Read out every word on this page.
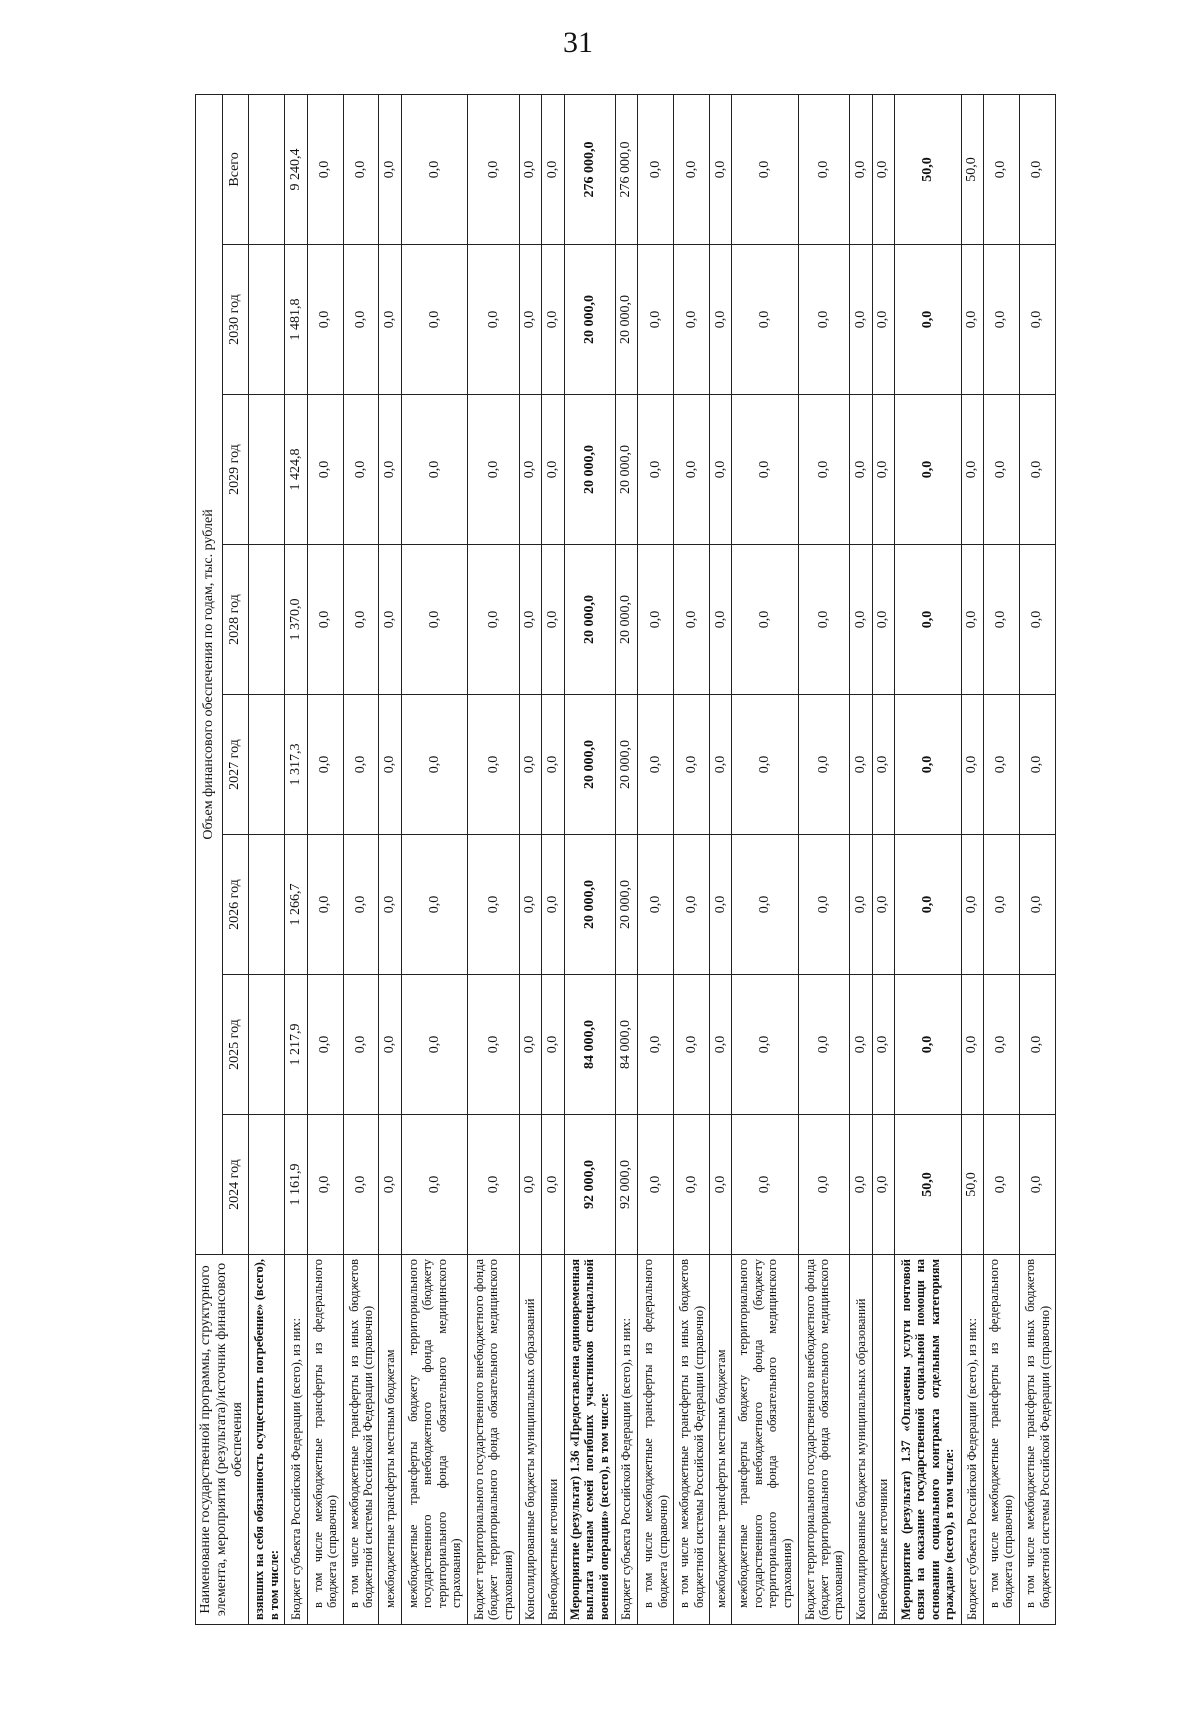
31
Наименование государственной программы, структурного элемента, мероприятия (результата)/источник финансового обеспечения	Объем финансового обеспечения по годам, тыс. рублей							
	2024 год	2025 год	2026 год	2027 год	2028 год	2029 год	2030 год	Всего
взявших на себя обязанность осуществить погребение» (всего), в том числе:								
Бюджет субъекта Российской Федерации (всего), из них:	1 161,9	1 217,9	1 266,7	1 317,3	1 370,0	1 424,8	1 481,8	9 240,4
в том числе межбюджетные трансферты из федерального бюджета (справочно)	0,0	0,0	0,0	0,0	0,0	0,0	0,0	0,0
в том числе межбюджетные трансферты из иных бюджетов бюджетной системы Российской Федерации (справочно)	0,0	0,0	0,0	0,0	0,0	0,0	0,0	0,0
межбюджетные трансферты местным бюджетам	0,0	0,0	0,0	0,0	0,0	0,0	0,0	0,0
межбюджетные трансферты бюджету территориального государственного внебюджетного фонда (бюджету территориального фонда обязательного медицинского страхования)	0,0	0,0	0,0	0,0	0,0	0,0	0,0	0,0
Бюджет территориального государственного внебюджетного фонда (бюджет территориального фонда обязательного медицинского страхования)	0,0	0,0	0,0	0,0	0,0	0,0	0,0	0,0
Консолидированные бюджеты муниципальных образований	0,0	0,0	0,0	0,0	0,0	0,0	0,0	0,0
Внебюджетные источники	0,0	0,0	0,0	0,0	0,0	0,0	0,0	0,0
Мероприятие (результат) 1.36 «Предоставлена единовременная выплата членам семей погибших участников специальной военной операции» (всего), в том числе:	92 000,0	84 000,0	20 000,0	20 000,0	20 000,0	20 000,0	20 000,0	276 000,0
Бюджет субъекта Российской Федерации (всего), из них:	92 000,0	84 000,0	20 000,0	20 000,0	20 000,0	20 000,0	20 000,0	276 000,0
в том числе межбюджетные трансферты из федерального бюджета (справочно)	0,0	0,0	0,0	0,0	0,0	0,0	0,0	0,0
в том числе межбюджетные трансферты из иных бюджетов бюджетной системы Российской Федерации (справочно)	0,0	0,0	0,0	0,0	0,0	0,0	0,0	0,0
межбюджетные трансферты местным бюджетам	0,0	0,0	0,0	0,0	0,0	0,0	0,0	0,0
межбюджетные трансферты бюджету территориального государственного внебюджетного фонда (бюджету территориального фонда обязательного медицинского страхования)	0,0	0,0	0,0	0,0	0,0	0,0	0,0	0,0
Бюджет территориального государственного внебюджетного фонда (бюджет территориального фонда обязательного медицинского страхования)	0,0	0,0	0,0	0,0	0,0	0,0	0,0	0,0
Консолидированные бюджеты муниципальных образований	0,0	0,0	0,0	0,0	0,0	0,0	0,0	0,0
Внебюджетные источники	0,0	0,0	0,0	0,0	0,0	0,0	0,0	0,0
Мероприятие (результат) 1.37 «Оплачены услуги почтовой связи на оказание государственной социальной помощи на основании социального контракта отдельным категориям граждан» (всего), в том числе:	50,0	0,0	0,0	0,0	0,0	0,0	0,0	50,0
Бюджет субъекта Российской Федерации (всего), из них:	50,0	0,0	0,0	0,0	0,0	0,0	0,0	50,0
в том числе межбюджетные трансферты из федерального бюджета (справочно)	0,0	0,0	0,0	0,0	0,0	0,0	0,0	0,0
в том числе межбюджетные трансферты из иных бюджетов бюджетной системы Российской Федерации (справочно)	0,0	0,0	0,0	0,0	0,0	0,0	0,0	0,0
